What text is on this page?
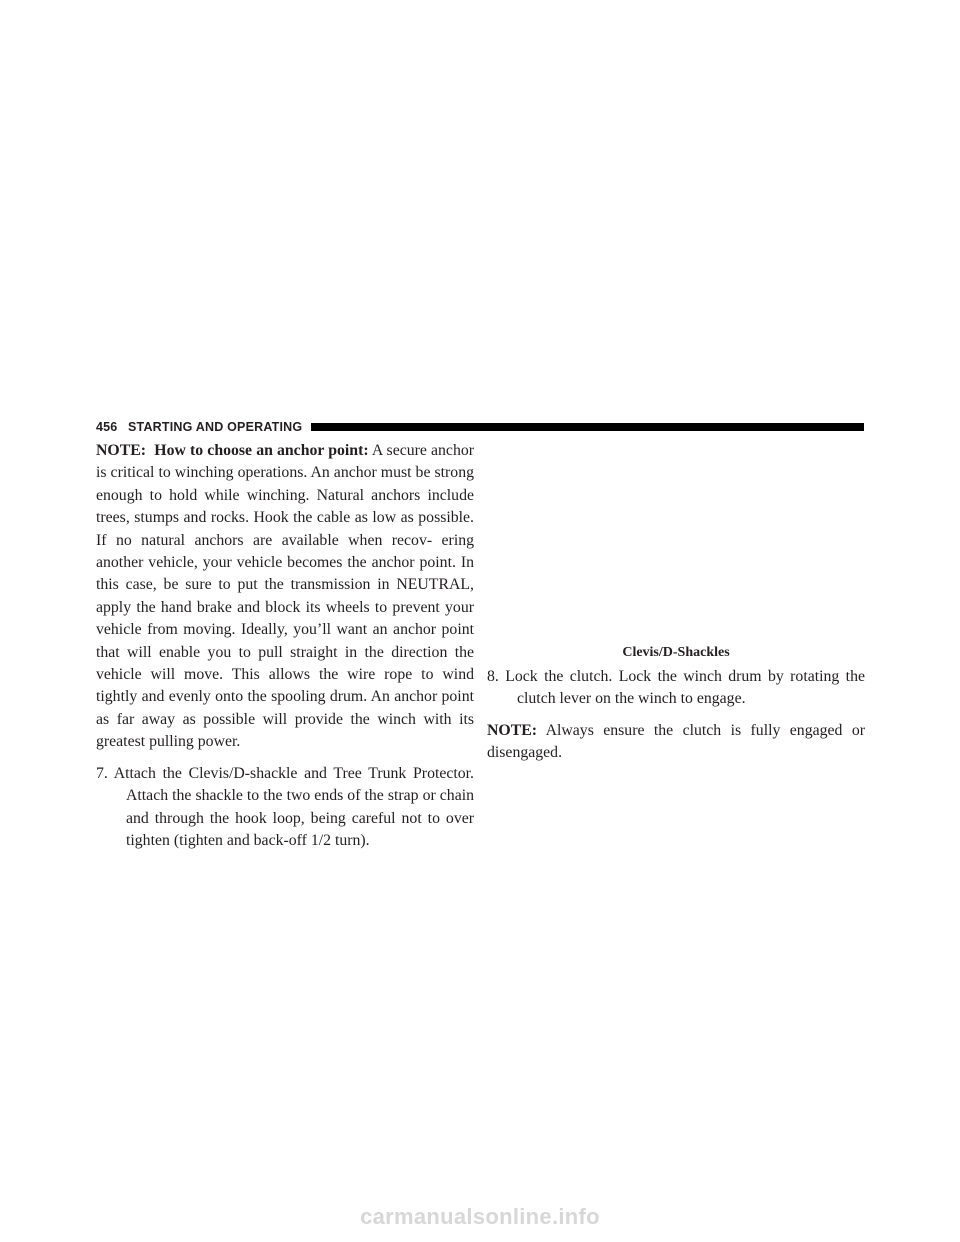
456 STARTING AND OPERATING

NOTE: How to choose an anchor point: A secure anchor is critical to winching operations. An anchor must be strong enough to hold while winching. Natural anchors include trees, stumps and rocks. Hook the cable as low as possible. If no natural anchors are available when recov- ering another vehicle, your vehicle becomes the anchor point. In this case, be sure to put the transmission in NEUTRAL, apply the hand brake and block its wheels to prevent your vehicle from moving. Ideally, you’ll want an anchor point that will enable you to pull straight in the direction the vehicle will move. This allows the wire rope to wind tightly and evenly onto the spooling drum. An anchor point as far away as possible will provide the winch with its greatest pulling power.

7. Attach the Clevis/D-shackle and Tree Trunk Protector. Attach the shackle to the two ends of the strap or chain and through the hook loop, being careful not to over tighten (tighten and back-off 1/2 turn).

Clevis/D-Shackles

8. Lock the clutch. Lock the winch drum by rotating the clutch lever on the winch to engage.

NOTE: Always ensure the clutch is fully engaged or disengaged.

carmanualsonline.info
